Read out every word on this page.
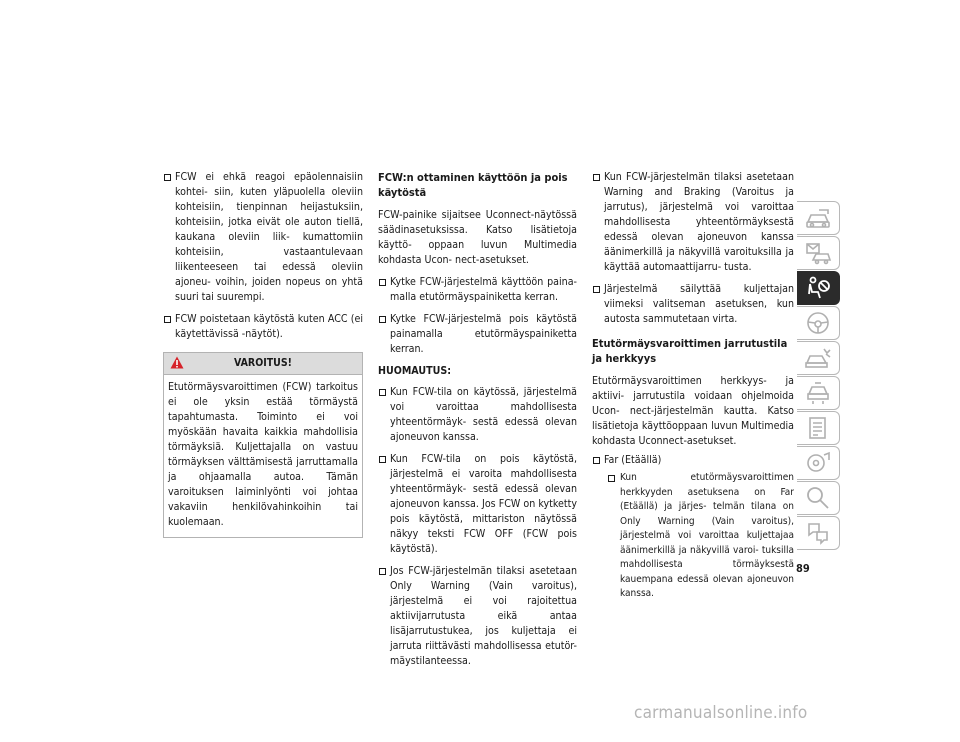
FCW ei ehkä reagoi epäolennaisiin kohtei- siin, kuten yläpuolella oleviin kohteisiin, tienpinnan heijastuksiin, kohteisiin, jotka eivät ole auton tiellä, kaukana oleviin liik- kumattomiin kohteisiin, vastaantulevaan liikenteeseen tai edessä oleviin ajoneu- voihin, joiden nopeus on yhtä suuri tai suurempi.
FCW poistetaan käytöstä kuten ACC (ei käytettävissä -näytöt).
VAROITUS!
Etutörmäysvaroittimen (FCW) tarkoitus ei ole yksin estää törmäystä tapahtumasta. Toiminto ei voi myöskään havaita kaikkia mahdollisia törmäyksiä. Kuljettajalla on vastuu törmäyksen välttämisestä jarruttamalla ja ohjaamalla autoa. Tämän varoituksen laiminlyönti voi johtaa vakaviin henkilövahinkoihin tai kuolemaan.
FCW:n ottaminen käyttöön ja pois käytöstä

FCW-painike sijaitsee Uconnect-näytössä säädinasetuksissa. Katso lisätietoja käyttö- oppaan luvun Multimedia kohdasta Ucon- nect-asetukset.

Kytke FCW-järjestelmä käyttöön paina- malla etutörmäyspainiketta kerran.
Kytke FCW-järjestelmä pois käytöstä painamalla etutörmäyspainiketta kerran.
HUOMAUTUS:
Kun FCW-tila on käytössä, järjestelmä voi varoittaa mahdollisesta yhteentörmäyk- sestä edessä olevan ajoneuvon kanssa.
Kun FCW-tila on pois käytöstä, järjestelmä ei varoita mahdollisesta yhteentörmäyk- sestä edessä olevan ajoneuvon kanssa. Jos FCW on kytketty pois käytöstä, mittariston näytössä näkyy teksti FCW OFF (FCW pois käytöstä).
Jos FCW-järjestelmän tilaksi asetetaan Only Warning (Vain varoitus), järjestelmä ei voi rajoitettua aktiivijarrutusta eikä antaa lisäjarrutustukea, jos kuljettaja ei jarruta riittävästi mahdollisessa etutör- mäystilanteessa.
Kun FCW-järjestelmän tilaksi asetetaan Warning and Braking (Varoitus ja jarrutus), järjestelmä voi varoittaa mahdollisesta yhteentörmäyksestä edessä olevan ajoneuvon kanssa äänimerkillä ja näkyvillä varoituksilla ja käyttää automaattijarru- tusta.
Järjestelmä säilyttää kuljettajan viimeksi valitseman asetuksen, kun autosta sammutetaan virta.
Etutörmäysvaroittimen jarrutustila ja herkkyys

Etutörmäysvaroittimen herkkyys- ja aktiivi- jarrutustila voidaan ohjelmoida Ucon- nect-järjestelmän kautta. Katso lisätietoja käyttöoppaan luvun Multimedia kohdasta Uconnect-asetukset.

Far (Etäällä)
Kun etutörmäysvaroittimen herkkyyden asetuksena on Far (Etäällä) ja järjes- telmän tilana on Only Warning (Vain varoitus), järjestelmä voi varoittaa kuljettajaa äänimerkillä ja näkyvillä varoi- tuksilla mahdollisesta törmäyksestä kauempana edessä olevan ajoneuvon kanssa.
89
carmanualsonline.info
